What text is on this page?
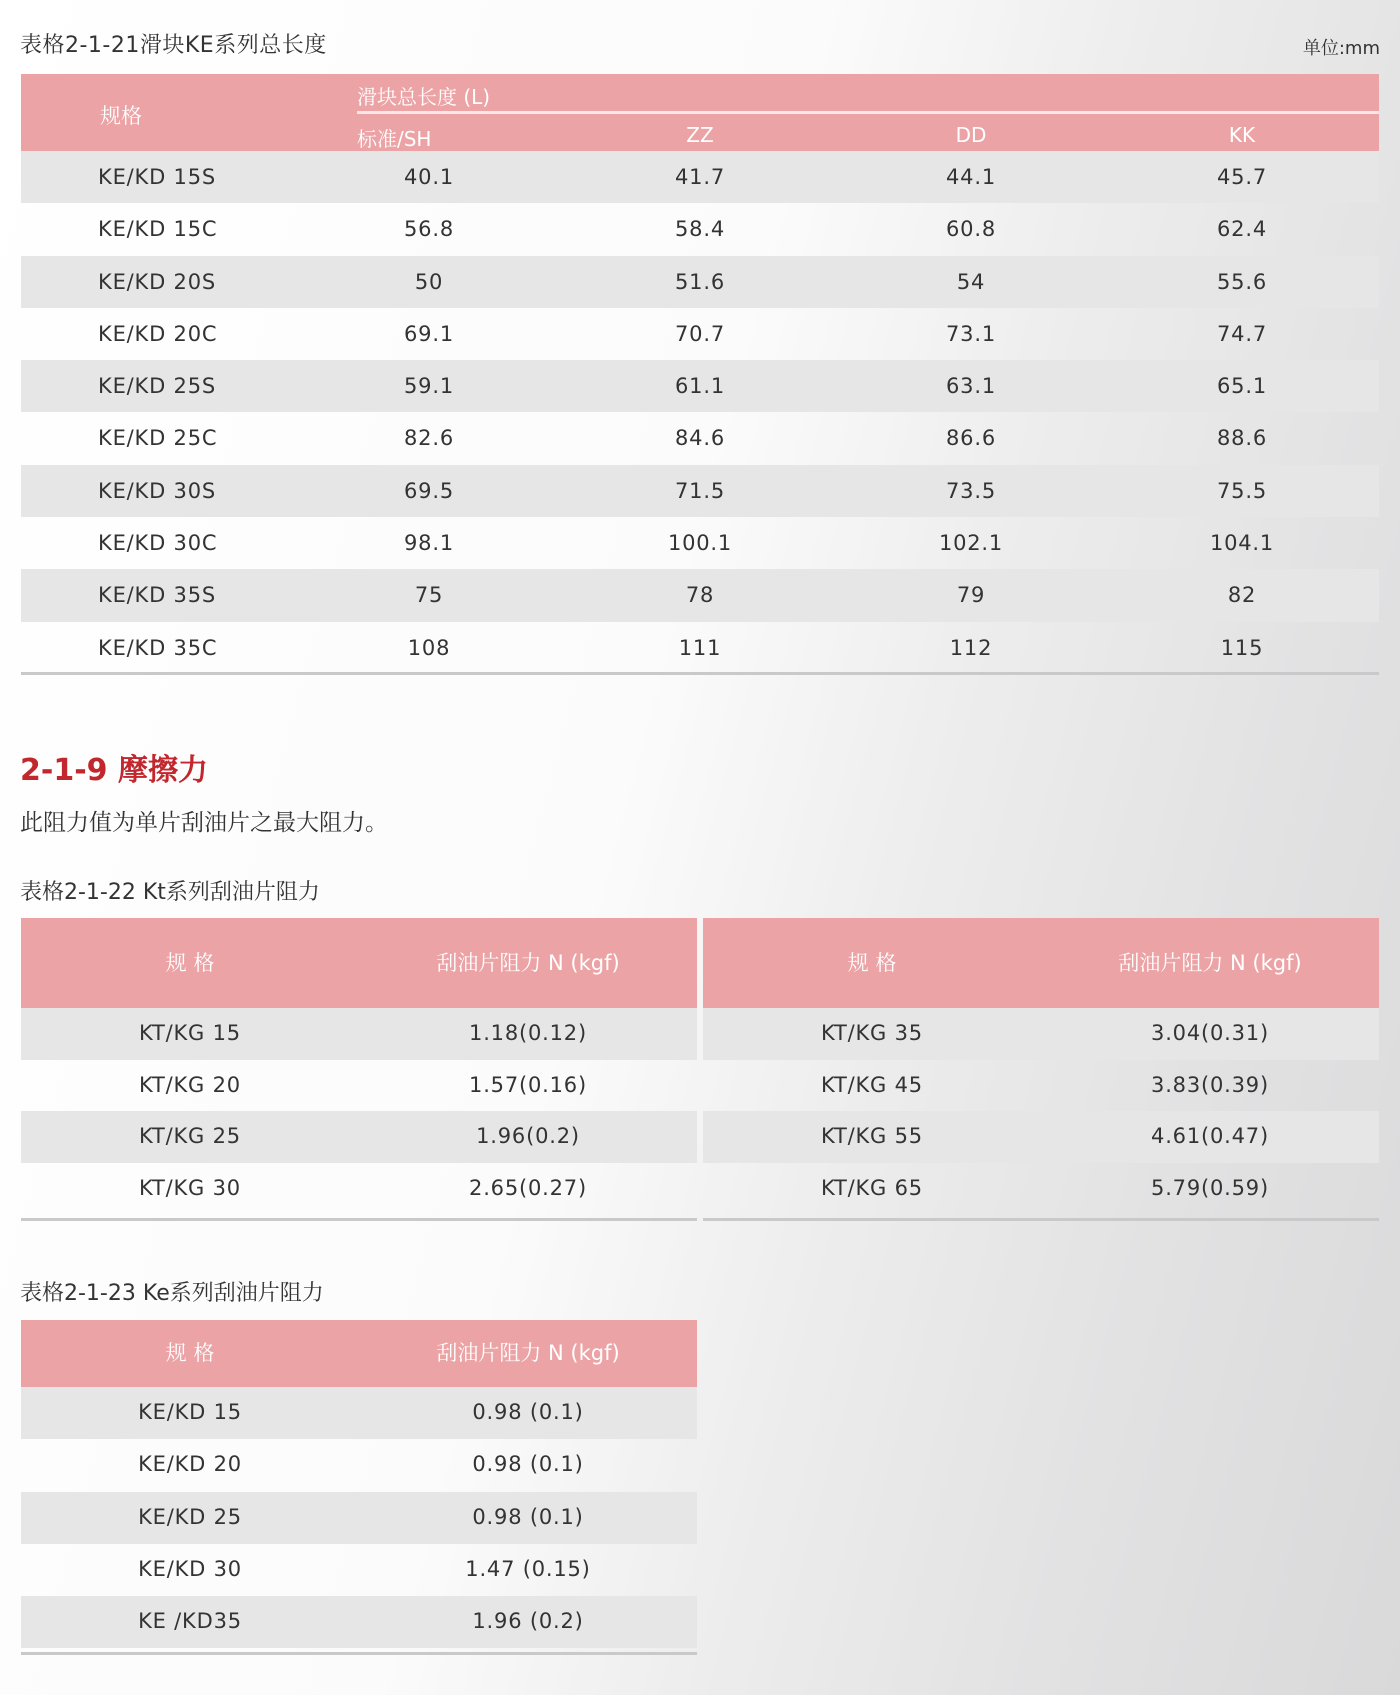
表格2-1-21滑块KE系列总长度	单位:mm
规格
滑块总长度 (L)
标准/SH	ZZ	DD	KK
KE/KD 15S	40.1	41.7	44.1	45.7
KE/KD 15C	56.8	58.4	60.8	62.4
KE/KD 20S	50	51.6	54	55.6
KE/KD 20C	69.1	70.7	73.1	74.7
KE/KD 25S	59.1	61.1	63.1	65.1
KE/KD 25C	82.6	84.6	86.6	88.6
KE/KD 30S	69.5	71.5	73.5	75.5
KE/KD 30C	98.1	100.1	102.1	104.1
KE/KD 35S	75	78	79	82
KE/KD 35C	108	111	112	115
2-1-9 摩擦力
此阻力值为单片刮油片之最大阻力。
表格2-1-22 Kt系列刮油片阻力
规 格	刮油片阻力 N (kgf)
KT/KG 15	1.18(0.12)
KT/KG 20	1.57(0.16)
KT/KG 25	1.96(0.2)
KT/KG 30	2.65(0.27)
规 格	刮油片阻力 N (kgf)
KT/KG 35	3.04(0.31)
KT/KG 45	3.83(0.39)
KT/KG 55	4.61(0.47)
KT/KG 65	5.79(0.59)
表格2-1-23 Ke系列刮油片阻力
规 格	刮油片阻力 N (kgf)
KE/KD 15	0.98 (0.1)
KE/KD 20	0.98 (0.1)
KE/KD 25	0.98 (0.1)
KE/KD 30	1.47 (0.15)
KE /KD35	1.96 (0.2)
